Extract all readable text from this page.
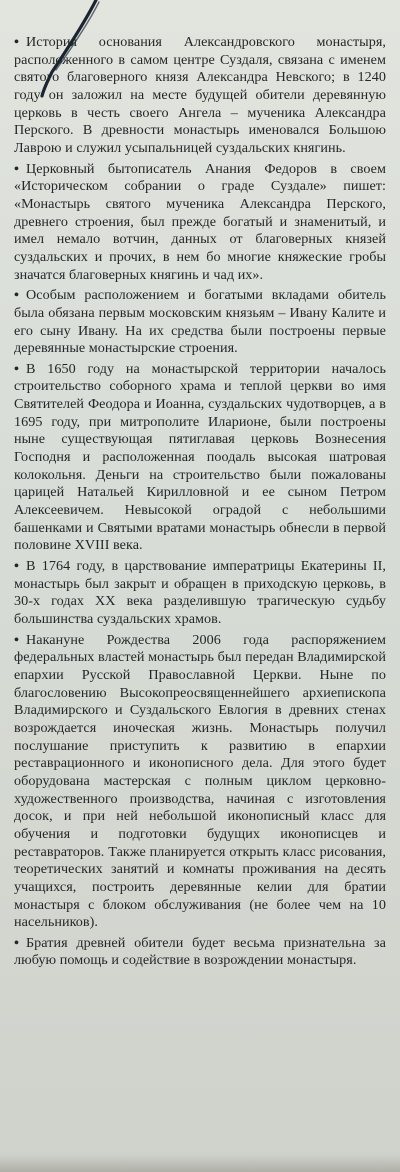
• История основания Александровского монастыря, расположенного в самом центре Суздаля, связана с именем святого благоверного князя Александра Невского; в 1240 году он заложил на месте будущей обители деревянную церковь в честь своего Ангела – мученика Александра Перского. В древности монастырь именовался Большою Лаврою и служил усыпальницей суздальских княгинь.

• Церковный бытописатель Анания Федоров в своем «Историческом собрании о граде Суздале» пишет: «Монастырь святого мученика Александра Перского, древнего строения, был прежде богатый и знаменитый, и имел немало вотчин, данных от благоверных князей суздальских и прочих, в нем бо многие княжеские гробы значатся благоверных княгинь и чад их».

• Особым расположением и богатыми вкладами обитель была обязана первым московским князьям – Ивану Калите и его сыну Ивану. На их средства были построены первые деревянные монастырские строения.

• В 1650 году на монастырской территории началось строительство соборного храма и теплой церкви во имя Святителей Феодора и Иоанна, суздальских чудотворцев, а в 1695 году, при митрополите Иларионе, были построены ныне существующая пятиглавая церковь Вознесения Господня и расположенная поодаль высокая шатровая колокольня. Деньги на строительство были пожалованы царицей Натальей Кирилловной и ее сыном Петром Алексеевичем. Невысокой оградой с небольшими башенками и Святыми вратами монастырь обнесли в первой половине XVIII века.

• В 1764 году, в царствование императрицы Екатерины II, монастырь был закрыт и обращен в приходскую церковь, в 30-х годах XX века разделившую трагическую судьбу большинства суздальских храмов.

• Накануне Рождества 2006 года распоряжением федеральных властей монастырь был передан Владимирской епархии Русской Православной Церкви. Ныне по благословению Высокопреосвященнейшего архиепископа Владимирского и Суздальского Евлогия в древних стенах возрождается иноческая жизнь. Монастырь получил послушание приступить к развитию в епархии реставрационного и иконописного дела. Для этого будет оборудована мастерская с полным циклом церковно-художественного производства, начиная с изготовления досок, и при ней небольшой иконописный класс для обучения и подготовки будущих иконописцев и реставраторов. Также планируется открыть класс рисования, теоретических занятий и комнаты проживания на десять учащихся, построить деревянные келии для братии монастыря с блоком обслуживания (не более чем на 10 насельников).

• Братия древней обители будет весьма признательна за любую помощь и содействие в возрождении монастыря.
